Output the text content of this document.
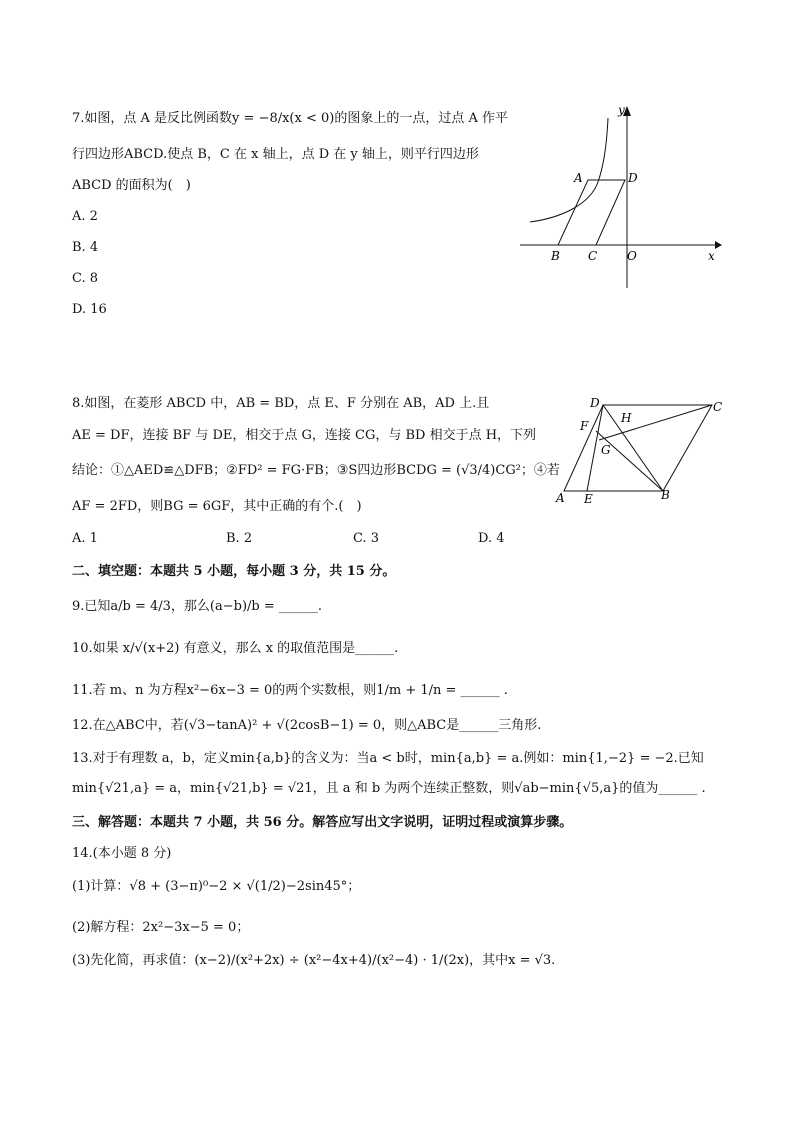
7.如图，点 A 是反比例函数y = −8/x(x < 0)的图象上的一点，过点 A 作平
行四边形ABCD.使点 B，C 在 x 轴上，点 D 在 y 轴上，则平行四边形
ABCD 的面积为(　)
A. 2
B. 4
C. 8
D. 16
y
x
A	D
B C O
8.如图，在菱形 ABCD 中，AB = BD，点 E、F 分别在 AB，AD 上.且
AE = DF，连接 BF 与 DE，相交于点 G，连接 CG，与 BD 相交于点 H，下列
结论：①△AED≌△DFB；②FD² = FG·FB；③S四边形BCDG = (√3/4)CG²；④若
AF = 2FD，则BG = 6GF，其中正确的有个.(　)
A. 1	B. 2	C. 3	D. 4
D	C
H
F
G
A E	B
二、填空题：本题共 5 小题，每小题 3 分，共 15 分。
9.已知a/b = 4/3，那么(a−b)/b = ______.
10.如果 x/√(x+2) 有意义，那么 x 的取值范围是______.
11.若 m、n 为方程x²−6x−3 = 0的两个实数根，则1/m + 1/n = ______ .
12.在△ABC中，若(√3−tanA)² + √(2cosB−1) = 0，则△ABC是______三角形.
13.对于有理数 a，b，定义min{a,b}的含义为：当a < b时，min{a,b} = a.例如：min{1,−2} = −2.已知
min{√21,a} = a，min{√21,b} = √21，且 a 和 b 为两个连续正整数，则√ab−min{√5,a}的值为______ .
三、解答题：本题共 7 小题，共 56 分。解答应写出文字说明，证明过程或演算步骤。
14.(本小题 8 分)
(1)计算：√8 + (3−π)⁰−2 × √(1/2)−2sin45°；
(2)解方程：2x²−3x−5 = 0；
(3)先化简，再求值：(x−2)/(x²+2x) ÷ (x²−4x+4)/(x²−4) · 1/(2x)，其中x = √3.
